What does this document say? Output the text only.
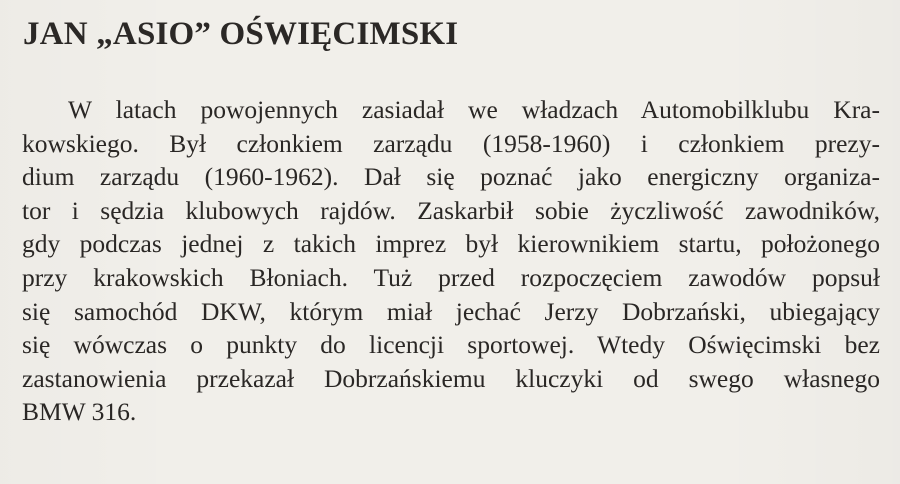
JAN „ASIO” OŚWIĘCIMSKI
W latach powojennych zasiadał we władzach Automobilklubu Kra-
kowskiego. Był członkiem zarządu (1958-1960) i członkiem prezy-
dium zarządu (1960-1962). Dał się poznać jako energiczny organiza-
tor i sędzia klubowych rajdów. Zaskarbił sobie życzliwość zawodników,
gdy podczas jednej z takich imprez był kierownikiem startu, położonego
przy krakowskich Błoniach. Tuż przed rozpoczęciem zawodów popsuł
się samochód DKW, którym miał jechać Jerzy Dobrzański, ubiegający
się wówczas o punkty do licencji sportowej. Wtedy Oświęcimski bez
zastanowienia przekazał Dobrzańskiemu kluczyki od swego własnego
BMW 316.
